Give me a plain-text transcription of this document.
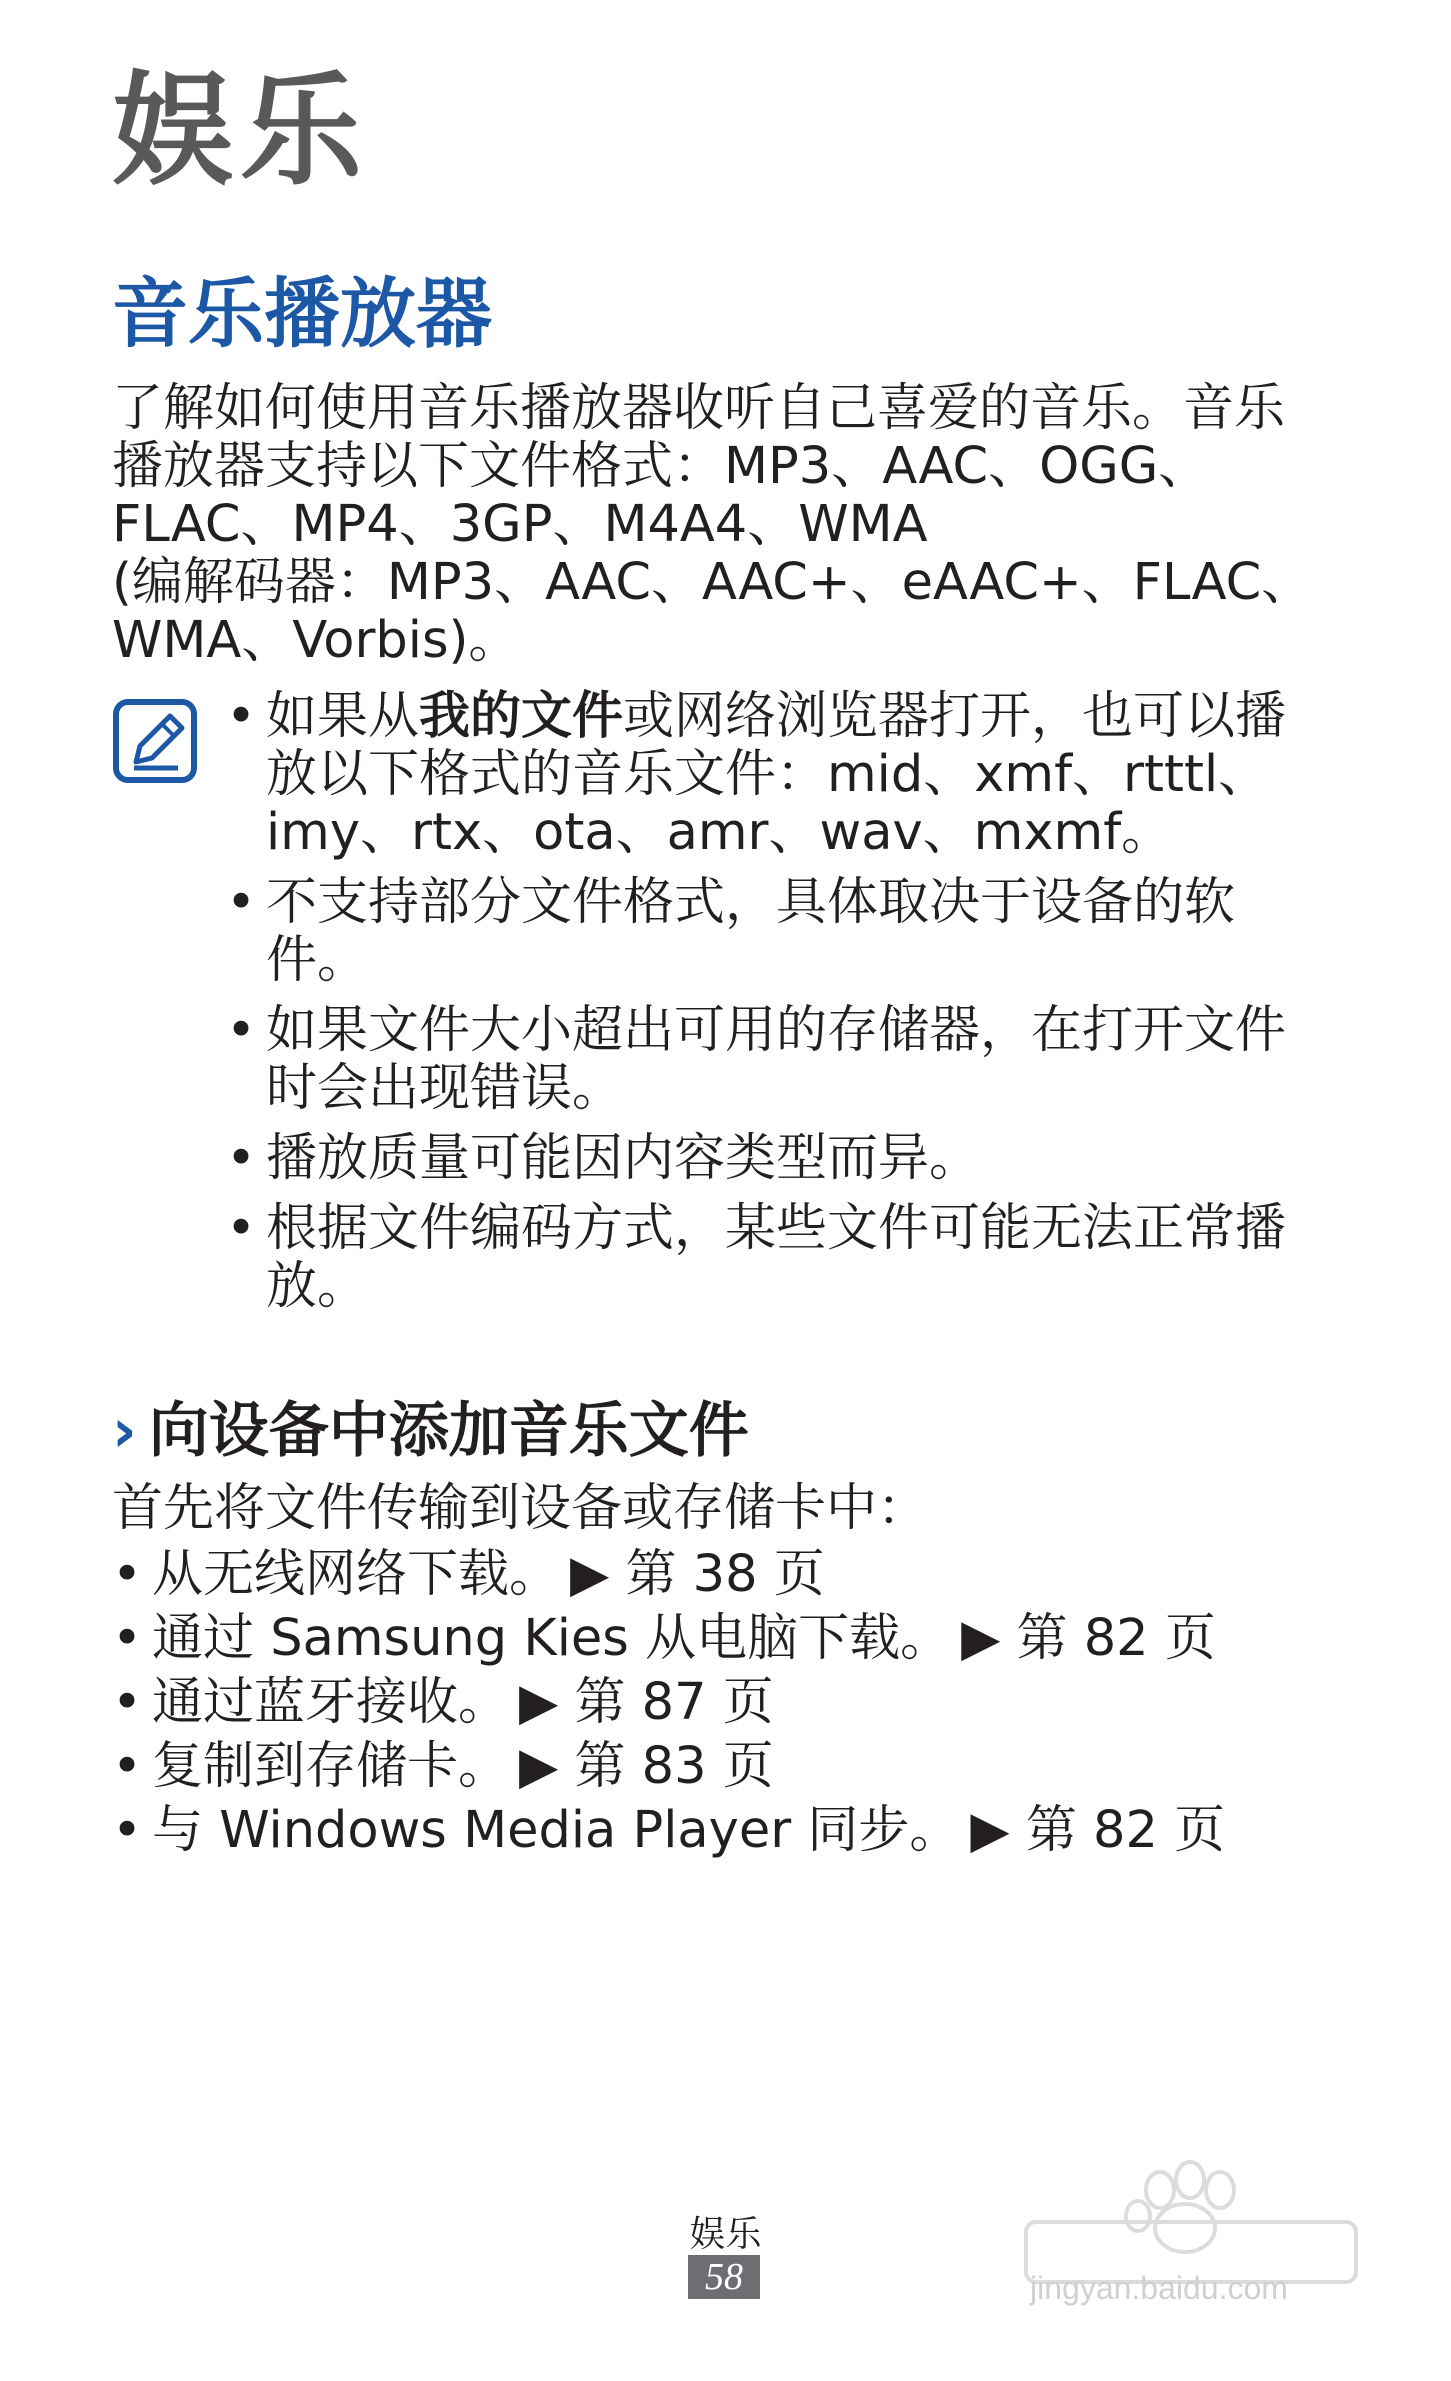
娱乐
音乐播放器

了解如何使用音乐播放器收听自己喜爱的音乐。音乐
播放器支持以下文件格式：MP3、AAC、OGG、
FLAC、MP4、3GP、M4A4、WMA
(编解码器：MP3、AAC、AAC+、eAAC+、FLAC、
WMA、Vorbis)。

• 如果从我的文件或网络浏览器打开，也可以播
放以下格式的音乐文件：mid、xmf、rtttl、
imy、rtx、ota、amr、wav、mxmf。
• 不支持部分文件格式，具体取决于设备的软
件。
• 如果文件大小超出可用的存储器，在打开文件
时会出现错误。
• 播放质量可能因内容类型而异。
• 根据文件编码方式，某些文件可能无法正常播
放。
› 向设备中添加音乐文件

首先将文件传输到设备或存储卡中：

• 从无线网络下载。 ▶ 第 38 页
• 通过 Samsung Kies 从电脑下载。 ▶ 第 82 页
• 通过蓝牙接收。 ▶ 第 87 页
• 复制到存储卡。 ▶ 第 83 页
• 与 Windows Media Player 同步。 ▶ 第 82 页
娱乐
58	jingyan.baidu.com
